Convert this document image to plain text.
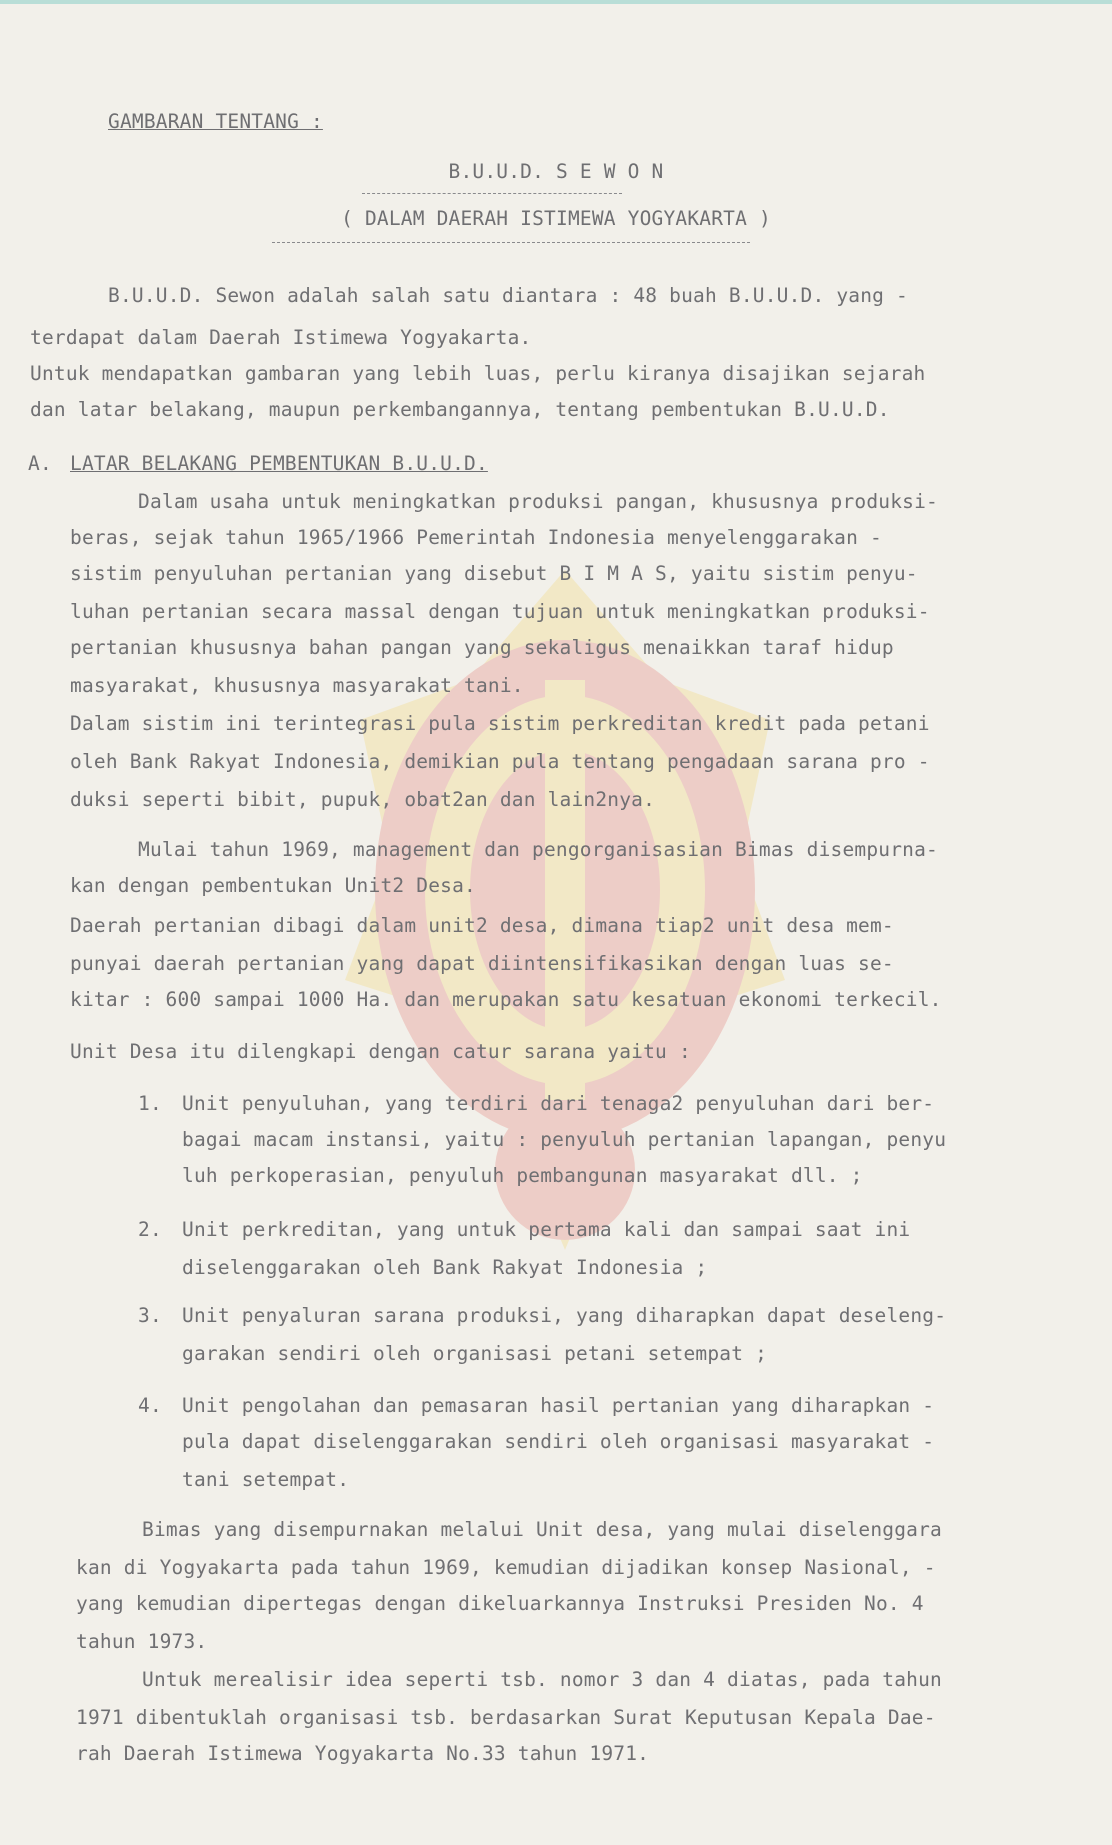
GAMBARAN TENTANG :
B.U.U.D. S E W O N
( DALAM DAERAH ISTIMEWA YOGYAKARTA )
B.U.U.D. Sewon adalah salah satu diantara : 48 buah B.U.U.D. yang -
terdapat dalam Daerah Istimewa Yogyakarta.
Untuk mendapatkan gambaran yang lebih luas, perlu kiranya disajikan sejarah
dan latar belakang, maupun perkembangannya, tentang pembentukan B.U.U.D.
A. LATAR BELAKANG PEMBENTUKAN B.U.U.D.
Dalam usaha untuk meningkatkan produksi pangan, khususnya produksi-
beras, sejak tahun 1965/1966 Pemerintah Indonesia menyelenggarakan -
sistim penyuluhan pertanian yang disebut B I M A S, yaitu sistim penyu-
luhan pertanian secara massal dengan tujuan untuk meningkatkan produksi-
pertanian khususnya bahan pangan yang sekaligus menaikkan taraf hidup
masyarakat, khususnya masyarakat tani.
Dalam sistim ini terintegrasi pula sistim perkreditan kredit pada petani
oleh Bank Rakyat Indonesia, demikian pula tentang pengadaan sarana pro -
duksi seperti bibit, pupuk, obat2an dan lain2nya.
Mulai tahun 1969, management dan pengorganisasian Bimas disempurna-
kan dengan pembentukan Unit2 Desa.
Daerah pertanian dibagi dalam unit2 desa, dimana tiap2 unit desa mem-
punyai daerah pertanian yang dapat diintensifikasikan dengan luas se-
kitar : 600 sampai 1000 Ha. dan merupakan satu kesatuan ekonomi terkecil.
Unit Desa itu dilengkapi dengan catur sarana yaitu :
1. Unit penyuluhan, yang terdiri dari tenaga2 penyuluhan dari ber-
bagai macam instansi, yaitu : penyuluh pertanian lapangan, penyu
luh perkoperasian, penyuluh pembangunan masyarakat dll. ;
2. Unit perkreditan, yang untuk pertama kali dan sampai saat ini
diselenggarakan oleh Bank Rakyat Indonesia ;
3. Unit penyaluran sarana produksi, yang diharapkan dapat deseleng-
garakan sendiri oleh organisasi petani setempat ;
4. Unit pengolahan dan pemasaran hasil pertanian yang diharapkan -
pula dapat diselenggarakan sendiri oleh organisasi masyarakat -
tani setempat.
Bimas yang disempurnakan melalui Unit desa, yang mulai diselenggara
kan di Yogyakarta pada tahun 1969, kemudian dijadikan konsep Nasional, -
yang kemudian dipertegas dengan dikeluarkannya Instruksi Presiden No. 4
tahun 1973.
Untuk merealisir idea seperti tsb. nomor 3 dan 4 diatas, pada tahun
1971 dibentuklah organisasi tsb. berdasarkan Surat Keputusan Kepala Dae-
rah Daerah Istimewa Yogyakarta No.33 tahun 1971.
